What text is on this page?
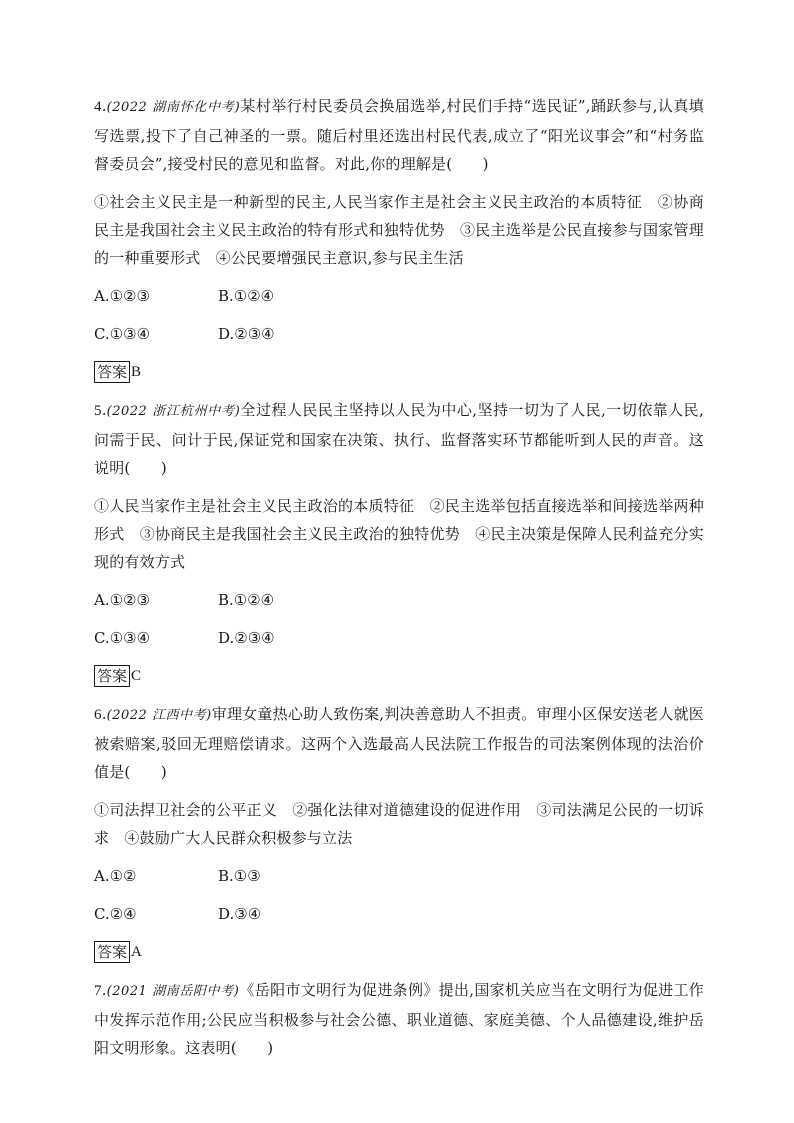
4.(2022 湖南怀化中考)某村举行村民委员会换届选举,村民们手持“选民证”,踊跃参与,认真填写选票,投下了自己神圣的一票。随后村里还选出村民代表,成立了“阳光议事会”和“村务监督委员会”,接受村民的意见和监督。对此,你的理解是(　　)

①社会主义民主是一种新型的民主,人民当家作主是社会主义民主政治的本质特征　②协商民主是我国社会主义民主政治的特有形式和独特优势　③民主选举是公民直接参与国家管理的一种重要形式　④公民要增强民主意识,参与民主生活

A.①②③	B.①②④
C.①③④	D.②③④
答案 B

5.(2022 浙江杭州中考)全过程人民民主坚持以人民为中心,坚持一切为了人民,一切依靠人民,问需于民、问计于民,保证党和国家在决策、执行、监督落实环节都能听到人民的声音。这说明(　　)

①人民当家作主是社会主义民主政治的本质特征　②民主选举包括直接选举和间接选举两种形式　③协商民主是我国社会主义民主政治的独特优势　④民主决策是保障人民利益充分实现的有效方式

A.①②③	B.①②④
C.①③④	D.②③④
答案 C

6.(2022 江西中考)审理女童热心助人致伤案,判决善意助人不担责。审理小区保安送老人就医被索赔案,驳回无理赔偿请求。这两个入选最高人民法院工作报告的司法案例体现的法治价值是(　　)

①司法捍卫社会的公平正义　②强化法律对道德建设的促进作用　③司法满足公民的一切诉求　④鼓励广大人民群众积极参与立法

A.①②	B.①③
C.②④	D.③④
答案 A

7.(2021 湖南岳阳中考)《岳阳市文明行为促进条例》提出,国家机关应当在文明行为促进工作中发挥示范作用;公民应当积极参与社会公德、职业道德、家庭美德、个人品德建设,维护岳阳文明形象。这表明(　　)
